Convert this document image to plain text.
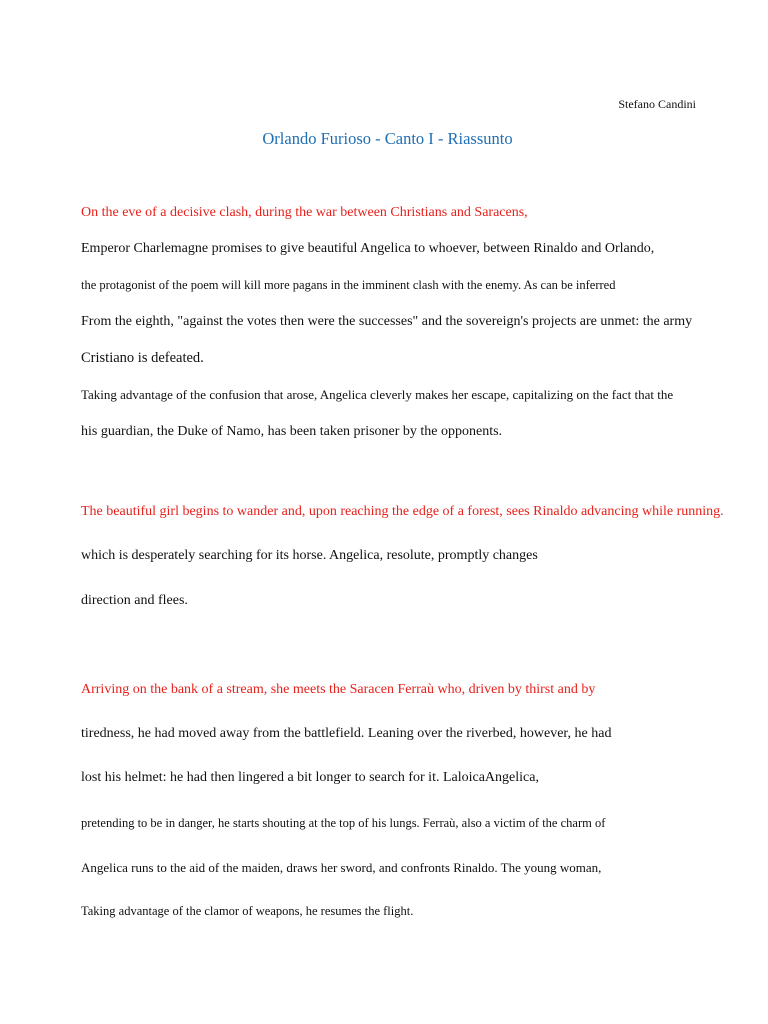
Stefano Candini
Orlando Furioso - Canto I - Riassunto
On the eve of a decisive clash, during the war between Christians and Saracens,
Emperor Charlemagne promises to give beautiful Angelica to whoever, between Rinaldo and Orlando,
the protagonist of the poem will kill more pagans in the imminent clash with the enemy. As can be inferred
From the eighth, "against the votes then were the successes" and the sovereign's projects are unmet: the army
Cristiano is defeated.
Taking advantage of the confusion that arose, Angelica cleverly makes her escape, capitalizing on the fact that the
his guardian, the Duke of Namo, has been taken prisoner by the opponents.
The beautiful girl begins to wander and, upon reaching the edge of a forest, sees Rinaldo advancing while running.
which is desperately searching for its horse. Angelica, resolute, promptly changes
direction and flees.
Arriving on the bank of a stream, she meets the Saracen Ferraù who, driven by thirst and by
tiredness, he had moved away from the battlefield. Leaning over the riverbed, however, he had
lost his helmet: he had then lingered a bit longer to search for it. LaloicaAngelica,
pretending to be in danger, he starts shouting at the top of his lungs. Ferraù, also a victim of the charm of
Angelica runs to the aid of the maiden, draws her sword, and confronts Rinaldo. The young woman,
Taking advantage of the clamor of weapons, he resumes the flight.
